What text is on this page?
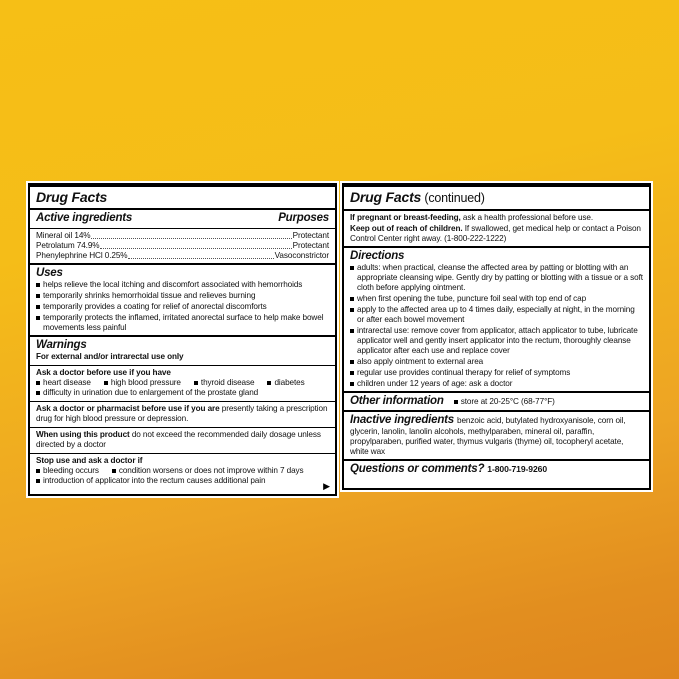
Drug Facts
Active ingredients	Purposes
Mineral oil 14%	Protectant
Petrolatum 74.9%	Protectant
Phenylephrine HCl 0.25%	Vasoconstrictor
Uses
helps relieve the local itching and discomfort associated with hemorrhoids
temporarily shrinks hemorrhoidal tissue and relieves burning
temporarily provides a coating for relief of anorectal discomforts
temporarily protects the inflamed, irritated anorectal surface to help make bowel movements less painful
Warnings
For external and/or intrarectal use only
Ask a doctor before use if you have
heart disease high blood pressure thyroid disease diabetes
difficulty in urination due to enlargement of the prostate gland
Ask a doctor or pharmacist before use if you are presently taking a prescription drug for high blood pressure or depression.
When using this product do not exceed the recommended daily dosage unless directed by a doctor
Stop use and ask a doctor if
bleeding occurs condition worsens or does not improve within 7 days
introduction of applicator into the rectum causes additional pain
▶
Drug Facts (continued)
If pregnant or breast-feeding, ask a health professional before use.
Keep out of reach of children. If swallowed, get medical help or contact a Poison Control Center right away. (1-800-222-1222)
Directions
adults: when practical, cleanse the affected area by patting or blotting with an appropriate cleansing wipe. Gently dry by patting or blotting with a tissue or a soft cloth before applying ointment.
when first opening the tube, puncture foil seal with top end of cap
apply to the affected area up to 4 times daily, especially at night, in the morning or after each bowel movement
intrarectal use: remove cover from applicator, attach applicator to tube, lubricate applicator well and gently insert applicator into the rectum, thoroughly cleanse applicator after each use and replace cover
also apply ointment to external area
regular use provides continual therapy for relief of symptoms
children under 12 years of age: ask a doctor
Other information store at 20-25°C (68-77°F)
Inactive ingredients benzoic acid, butylated hydroxyanisole, corn oil, glycerin, lanolin, lanolin alcohols, methylparaben, mineral oil, paraffin, propylparaben, purified water, thymus vulgaris (thyme) oil, tocopheryl acetate, white wax
Questions or comments? 1-800-719-9260
